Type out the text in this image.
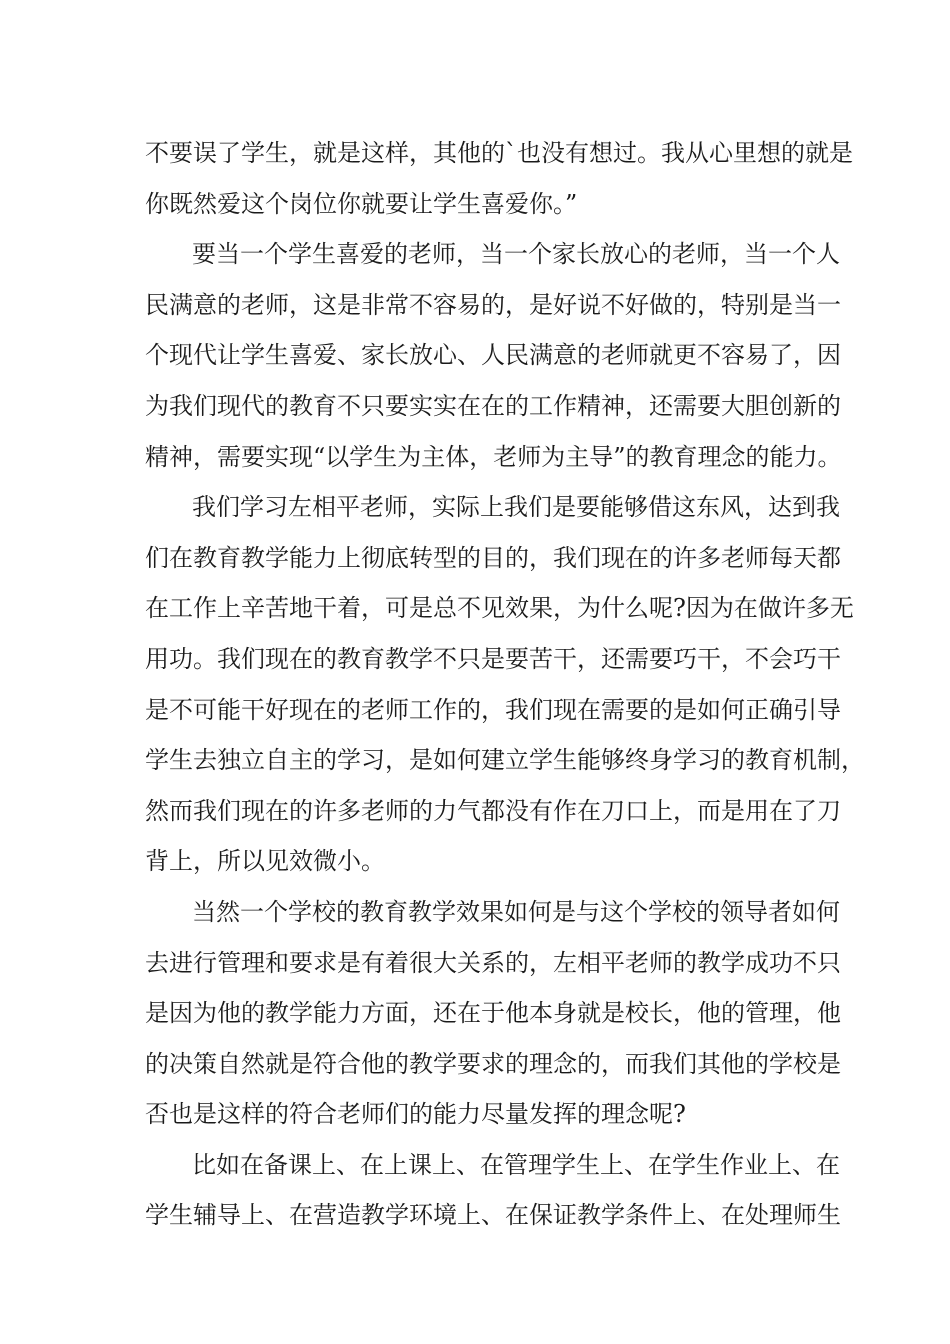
不要误了学生，就是这样，其他的`也没有想过。我从心里想的就是
你既然爱这个岗位你就要让学生喜爱你。”
要当一个学生喜爱的老师，当一个家长放心的老师，当一个人
民满意的老师，这是非常不容易的，是好说不好做的，特别是当一
个现代让学生喜爱、家长放心、人民满意的老师就更不容易了，因
为我们现代的教育不只要实实在在的工作精神，还需要大胆创新的
精神，需要实现“以学生为主体，老师为主导”的教育理念的能力。
我们学习左相平老师，实际上我们是要能够借这东风，达到我
们在教育教学能力上彻底转型的目的，我们现在的许多老师每天都
在工作上辛苦地干着，可是总不见效果，为什么呢?因为在做许多无
用功。我们现在的教育教学不只是要苦干，还需要巧干，不会巧干
是不可能干好现在的老师工作的，我们现在需要的是如何正确引导
学生去独立自主的学习，是如何建立学生能够终身学习的教育机制，
然而我们现在的许多老师的力气都没有作在刀口上，而是用在了刀
背上，所以见效微小。
当然一个学校的教育教学效果如何是与这个学校的领导者如何
去进行管理和要求是有着很大关系的，左相平老师的教学成功不只
是因为他的教学能力方面，还在于他本身就是校长，他的管理，他
的决策自然就是符合他的教学要求的理念的，而我们其他的学校是
否也是这样的符合老师们的能力尽量发挥的理念呢?
比如在备课上、在上课上、在管理学生上、在学生作业上、在
学生辅导上、在营造教学环境上、在保证教学条件上、在处理师生
